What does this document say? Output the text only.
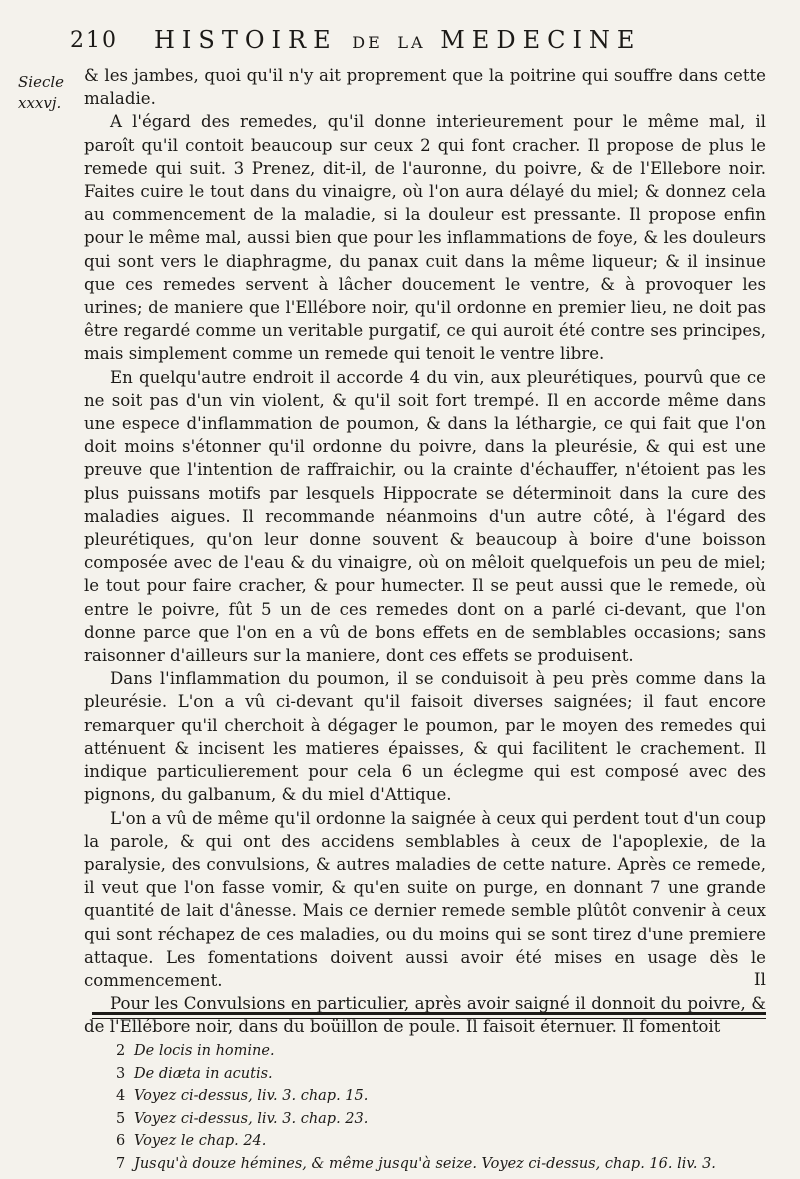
210 HISTOIRE DE LA MEDECINE
Siecle
xxxvj.

& les jambes, quoi qu'il n'y ait proprement que la poitrine qui souffre dans cette maladie.

A l'égard des remedes, qu'il donne interieurement pour le même mal, il paroît qu'il contoit beaucoup sur ceux 2 qui font cracher. Il propose de plus le remede qui suit. 3 Prenez, dit-il, de l'auronne, du poivre, & de l'Ellebore noir. Faites cuire le tout dans du vinaigre, où l'on aura délayé du miel; & donnez cela au commencement de la maladie, si la douleur est pressante. Il propose enfin pour le même mal, aussi bien que pour les inflammations de foye, & les douleurs qui sont vers le diaphragme, du panax cuit dans la même liqueur; & il insinue que ces remedes servent à lâcher doucement le ventre, & à provoquer les urines; de maniere que l'Ellébore noir, qu'il ordonne en premier lieu, ne doit pas être regardé comme un veritable purgatif, ce qui auroit été contre ses principes, mais simplement comme un remede qui tenoit le ventre libre.

En quelqu'autre endroit il accorde 4 du vin, aux pleurétiques, pourvû que ce ne soit pas d'un vin violent, & qu'il soit fort trempé. Il en accorde même dans une espece d'inflammation de poumon, & dans la léthargie, ce qui fait que l'on doit moins s'étonner qu'il ordonne du poivre, dans la pleurésie, & qui est une preuve que l'intention de raffraichir, ou la crainte d'échauffer, n'étoient pas les plus puissans motifs par lesquels Hippocrate se déterminoit dans la cure des maladies aigues. Il recommande néanmoins d'un autre côté, à l'égard des pleurétiques, qu'on leur donne souvent & beaucoup à boire d'une boisson composée avec de l'eau & du vinaigre, où on mêloit quelquefois un peu de miel; le tout pour faire cracher, & pour humecter. Il se peut aussi que le remede, où entre le poivre, fût 5 un de ces remedes dont on a parlé ci-devant, que l'on donne parce que l'on en a vû de bons effets en de semblables occasions; sans raisonner d'ailleurs sur la maniere, dont ces effets se produisent.

Dans l'inflammation du poumon, il se conduisoit à peu près comme dans la pleurésie. L'on a vû ci-devant qu'il faisoit diverses saignées; il faut encore remarquer qu'il cherchoit à dégager le poumon, par le moyen des remedes qui atténuent & incisent les matieres épaisses, & qui facilitent le crachement. Il indique particulierement pour cela 6 un éclegme qui est composé avec des pignons, du galbanum, & du miel d'Attique.

L'on a vû de même qu'il ordonne la saignée à ceux qui perdent tout d'un coup la parole, & qui ont des accidens semblables à ceux de l'apoplexie, de la paralysie, des convulsions, & autres maladies de cette nature. Après ce remede, il veut que l'on fasse vomir, & qu'en suite on purge, en donnant 7 une grande quantité de lait d'ânesse. Mais ce dernier remede semble plûtôt convenir à ceux qui sont réchapez de ces maladies, ou du moins qui se sont tirez d'une premiere attaque. Les fomentations doivent aussi avoir été mises en usage dès le commencement.

Pour les Convulsions en particulier, après avoir saigné il donnoit du poivre, & de l'Ellébore noir, dans du boüillon de poule. Il faisoit éternuer. Il fomentoit

Il
2 De locis in homine.
3 De diæta in acutis.
4 Voyez ci-dessus, liv. 3. chap. 15.
5 Voyez ci-dessus, liv. 3. chap. 23.
6 Voyez le chap. 24.
7 Jusqu'à douze hémines, & même jusqu'à seize. Voyez ci-dessus, chap. 16. liv. 3.
